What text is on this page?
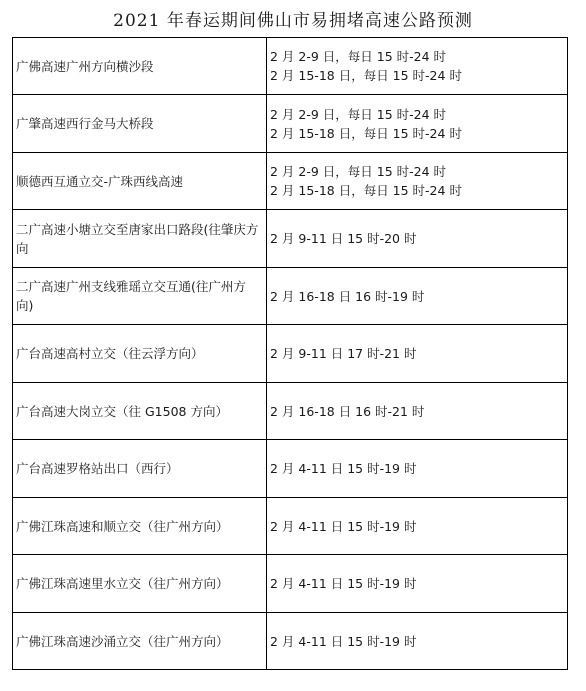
2021 年春运期间佛山市易拥堵高速公路预测
广佛高速广州方向横沙段	2 月 2-9 日，每日 15 时-24 时
2 月 15-18 日，每日 15 时-24 时

广肇高速西行金马大桥段	2 月 2-9 日，每日 15 时-24 时
2 月 15-18 日，每日 15 时-24 时

顺德西互通立交-广珠西线高速	2 月 2-9 日，每日 15 时-24 时
2 月 15-18 日，每日 15 时-24 时

二广高速小塘立交至唐家出口路段(往肇庆方向	2 月 9-11 日 15 时-20 时

二广高速广州支线雅瑶立交互通(往广州方向)	2 月 16-18 日 16 时-19 时

广台高速高村立交（往云浮方向）	2 月 9-11 日 17 时-21 时

广台高速大岗立交（往 G1508 方向）	2 月 16-18 日 16 时-21 时

广台高速罗格站出口（西行）	2 月 4-11 日 15 时-19 时

广佛江珠高速和顺立交（往广州方向）	2 月 4-11 日 15 时-19 时

广佛江珠高速里水立交（往广州方向）	2 月 4-11 日 15 时-19 时

广佛江珠高速沙涌立交（往广州方向）	2 月 4-11 日 15 时-19 时
